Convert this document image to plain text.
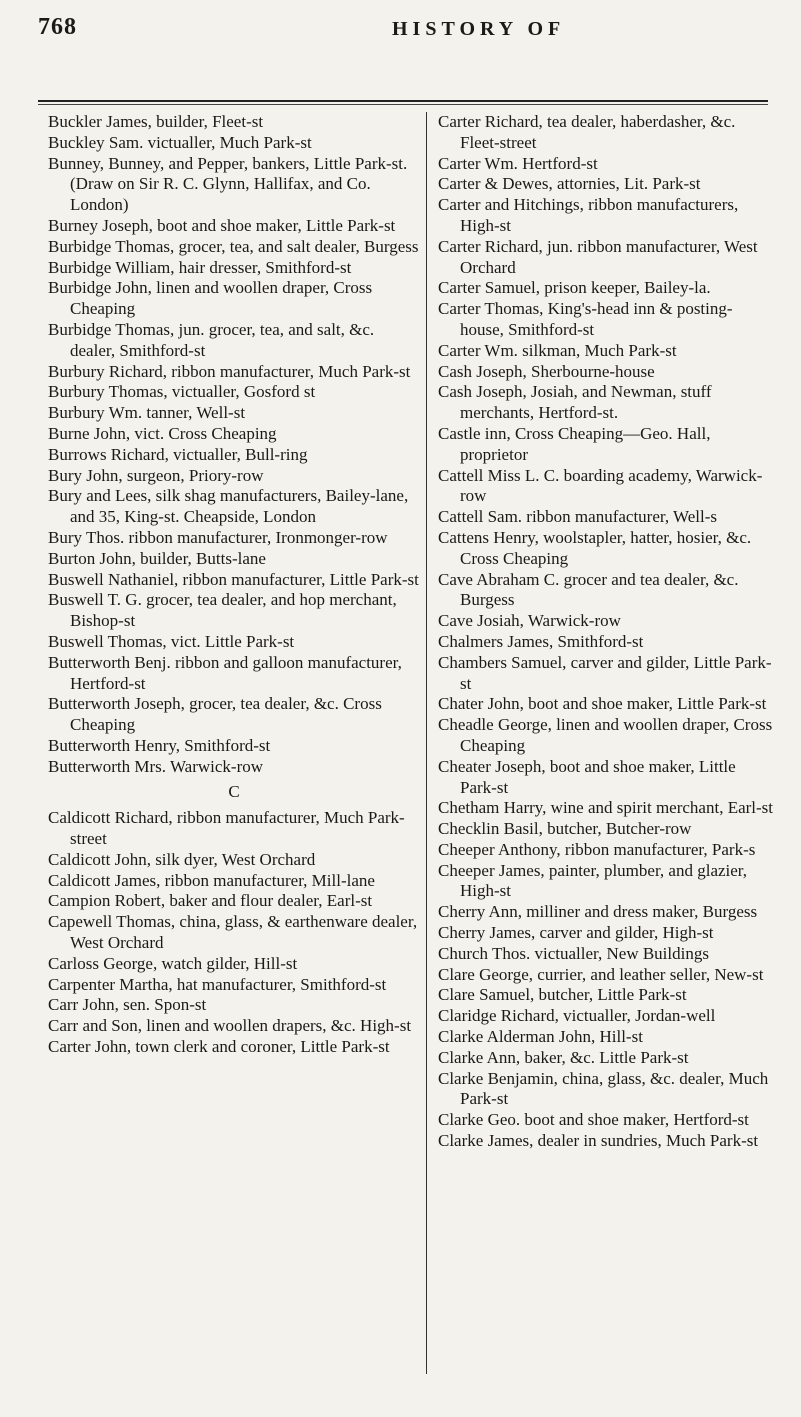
768	HISTORY OF

Buckler James, builder, Fleet-st

Buckley Sam. victualler, Much Park-st

Bunney, Bunney, and Pepper, bankers, Little Park-st. (Draw on Sir R. C. Glynn, Hallifax, and Co. London)

Burney Joseph, boot and shoe maker, Little Park-st

Burbidge Thomas, grocer, tea, and salt dealer, Burgess

Burbidge William, hair dresser, Smithford-st

Burbidge John, linen and woollen draper, Cross Cheaping

Burbidge Thomas, jun. grocer, tea, and salt, &c. dealer, Smithford-st

Burbury Richard, ribbon manufacturer, Much Park-st

Burbury Thomas, victualler, Gosford st

Burbury Wm. tanner, Well-st

Burne John, vict. Cross Cheaping

Burrows Richard, victualler, Bull-ring

Bury John, surgeon, Priory-row

Bury and Lees, silk shag manufacturers, Bailey-lane, and 35, King-st. Cheapside, London

Bury Thos. ribbon manufacturer, Ironmonger-row

Burton John, builder, Butts-lane

Buswell Nathaniel, ribbon manufacturer, Little Park-st

Buswell T. G. grocer, tea dealer, and hop merchant, Bishop-st

Buswell Thomas, vict. Little Park-st

Butterworth Benj. ribbon and galloon manufacturer, Hertford-st

Butterworth Joseph, grocer, tea dealer, &c. Cross Cheaping

Butterworth Henry, Smithford-st

Butterworth Mrs. Warwick-row

C

Caldicott Richard, ribbon manufacturer, Much Park-street

Caldicott John, silk dyer, West Orchard

Caldicott James, ribbon manufacturer, Mill-lane

Campion Robert, baker and flour dealer, Earl-st

Capewell Thomas, china, glass, & earthenware dealer, West Orchard

Carloss George, watch gilder, Hill-st

Carpenter Martha, hat manufacturer, Smithford-st

Carr John, sen. Spon-st

Carr and Son, linen and woollen drapers, &c. High-st

Carter John, town clerk and coroner, Little Park-st

Carter Richard, tea dealer, haberdasher, &c. Fleet-street

Carter Wm. Hertford-st

Carter & Dewes, attornies, Lit. Park-st

Carter and Hitchings, ribbon manufacturers, High-st

Carter Richard, jun. ribbon manufacturer, West Orchard

Carter Samuel, prison keeper, Bailey-la.

Carter Thomas, King's-head inn & posting-house, Smithford-st

Carter Wm. silkman, Much Park-st

Cash Joseph, Sherbourne-house

Cash Joseph, Josiah, and Newman, stuff merchants, Hertford-st.

Castle inn, Cross Cheaping—Geo. Hall, proprietor

Cattell Miss L. C. boarding academy, Warwick-row

Cattell Sam. ribbon manufacturer, Well-s

Cattens Henry, woolstapler, hatter, hosier, &c. Cross Cheaping

Cave Abraham C. grocer and tea dealer, &c. Burgess

Cave Josiah, Warwick-row

Chalmers James, Smithford-st

Chambers Samuel, carver and gilder, Little Park-st

Chater John, boot and shoe maker, Little Park-st

Cheadle George, linen and woollen draper, Cross Cheaping

Cheater Joseph, boot and shoe maker, Little Park-st

Chetham Harry, wine and spirit merchant, Earl-st

Checklin Basil, butcher, Butcher-row

Cheeper Anthony, ribbon manufacturer, Park-s

Cheeper James, painter, plumber, and glazier, High-st

Cherry Ann, milliner and dress maker, Burgess

Cherry James, carver and gilder, High-st

Church Thos. victualler, New Buildings

Clare George, currier, and leather seller, New-st

Clare Samuel, butcher, Little Park-st

Claridge Richard, victualler, Jordan-well

Clarke Alderman John, Hill-st

Clarke Ann, baker, &c. Little Park-st

Clarke Benjamin, china, glass, &c. dealer, Much Park-st

Clarke Geo. boot and shoe maker, Hertford-st

Clarke James, dealer in sundries, Much Park-st
